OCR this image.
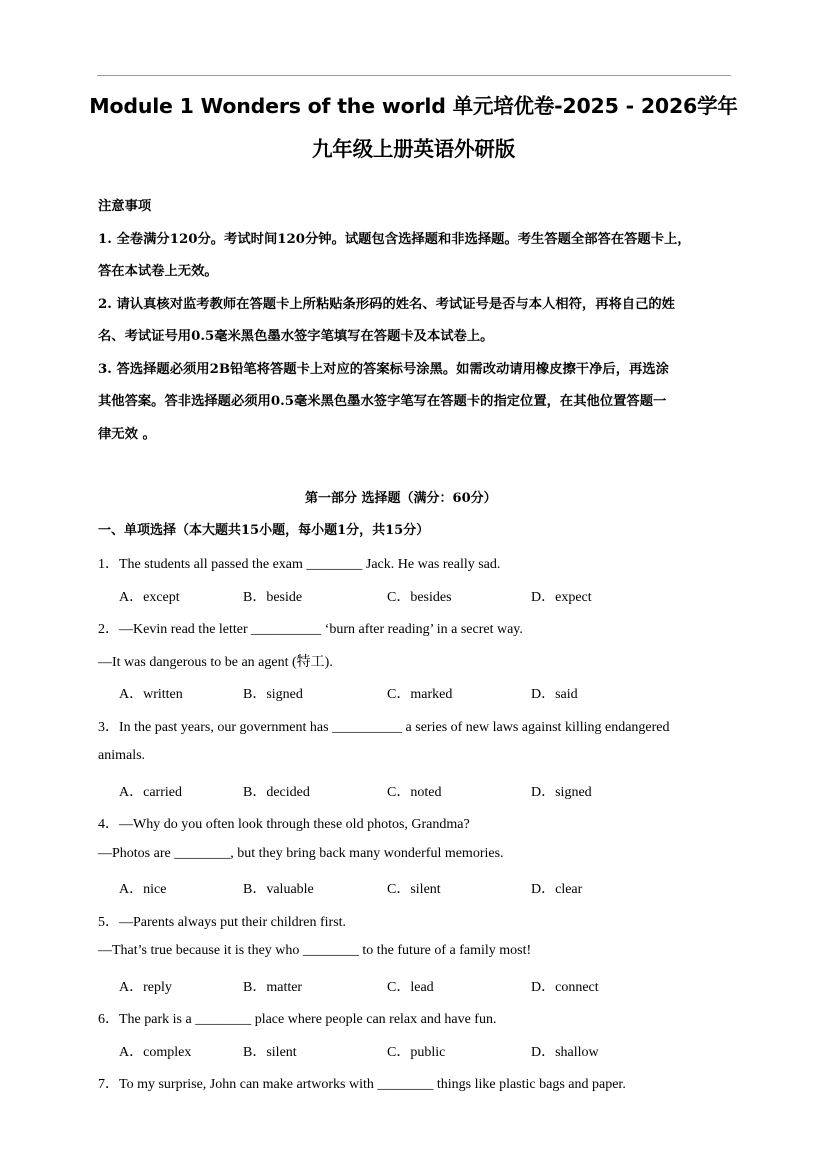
Module 1 Wonders of the world 单元培优卷-2025 - 2026学年
九年级上册英语外研版
注意事项
1. 全卷满分120分。考试时间120分钟。试题包含选择题和非选择题。考生答题全部答在答题卡上，
答在本试卷上无效。
2. 请认真核对监考教师在答题卡上所粘贴条形码的姓名、考试证号是否与本人相符，再将自己的姓
名、考试证号用0.5毫米黑色墨水签字笔填写在答题卡及本试卷上。
3. 答选择题必须用2B铅笔将答题卡上对应的答案标号涂黑。如需改动请用橡皮擦干净后，再选涂
其他答案。答非选择题必须用0.5毫米黑色墨水签字笔写在答题卡的指定位置，在其他位置答题一
律无效 。
第一部分 选择题（满分：60分）
一、单项选择（本大题共15小题，每小题1分，共15分）
1．The students all passed the exam ________ Jack. He was really sad.
A．except	B．beside	C．besides	D．expect
2．—Kevin read the letter __________ ‘burn after reading’ in a secret way.
—It was dangerous to be an agent (特工).
A．written	B．signed	C．marked	D．said
3．In the past years, our government has __________ a series of new laws against killing endangered
animals.
A．carried	B．decided	C．noted	D．signed
4．—Why do you often look through these old photos, Grandma?
—Photos are ________, but they bring back many wonderful memories.
A．nice	B．valuable	C．silent	D．clear
5．—Parents always put their children first.
—That’s true because it is they who ________ to the future of a family most!
A．reply	B．matter	C．lead	D．connect
6．The park is a ________ place where people can relax and have fun.
A．complex	B．silent	C．public	D．shallow
7．To my surprise, John can make artworks with ________ things like plastic bags and paper.
